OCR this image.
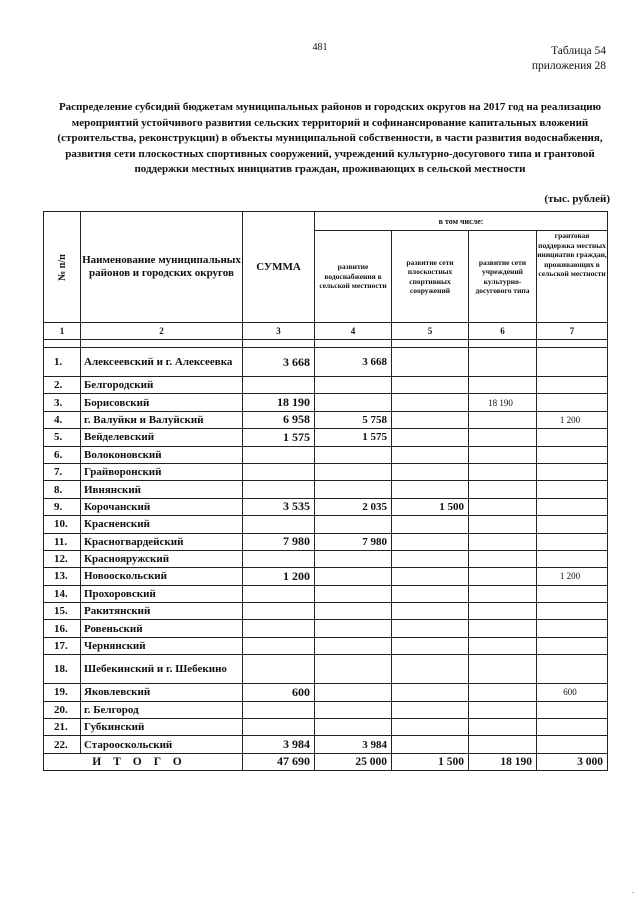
481	Таблица 54
приложения 28
Распределение субсидий бюджетам муниципальных районов и городских округов на 2017 год на реализацию мероприятий устойчивого развития сельских территорий и софинансирование капитальных вложений (строительства, реконструкции) в объекты муниципальной собственности, в части развития водоснабжения, развития сети плоскостных спортивных сооружений, учреждений культурно-досугового типа и грантовой поддержки местных инициатив граждан, проживающих в сельской местности
(тыс. рублей)
№ п/п	Наименование муниципальных районов и городских округов	СУММА	в том числе:			
			развитие водоснабжения в сельской местности	развитие сети плоскостных спортивных сооружений	развитие сети учреждений культурно-досугового типа	грантовая поддержка местных инициатив граждан, проживающих в сельской местности
1	2	3	4	5	6	7

1.	Алексеевский и г. Алексеевка	3 668	3 668			
2.	Белгородский					
3.	Борисовский	18 190			18 190	
4.	г. Валуйки и Валуйский	6 958	5 758			1 200
5.	Вейделевский	1 575	1 575			
6.	Волоконовский					
7.	Грайворонский					
8.	Ивнянский					
9.	Корочанский	3 535	2 035	1 500		
10.	Красненский					
11.	Красногвардейский	7 980	7 980			
12.	Краснояружский					
13.	Новооскольский	1 200				1 200
14.	Прохоровский					
15.	Ракитянский					
16.	Ровеньский					
17.	Чернянский					
18.	Шебекинский и г. Шебекино					
19.	Яковлевский	600				600
20.	г. Белгород					
21.	Губкинский					
22.	Старооскольский	3 984	3 984			
ИТОГО		47 690	25 000	1 500	18 190	3 000
.
